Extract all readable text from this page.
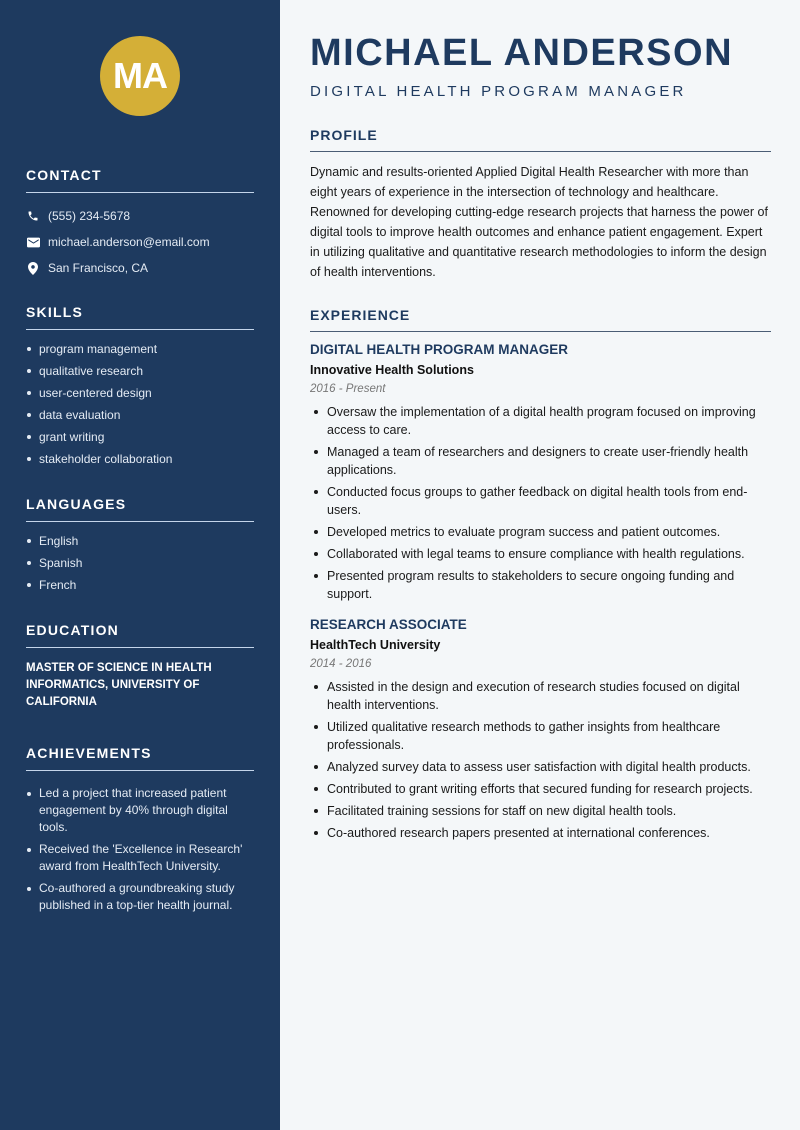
MA
CONTACT
(555) 234-5678
michael.anderson@email.com
San Francisco, CA
SKILLS
program management
qualitative research
user-centered design
data evaluation
grant writing
stakeholder collaboration
LANGUAGES
English
Spanish
French
EDUCATION

MASTER OF SCIENCE IN HEALTH INFORMATICS, UNIVERSITY OF CALIFORNIA

ACHIEVEMENTS
Led a project that increased patient engagement by 40% through digital tools.
Received the 'Excellence in Research' award from HealthTech University.
Co-authored a groundbreaking study published in a top-tier health journal.
MICHAEL ANDERSON
DIGITAL HEALTH PROGRAM MANAGER
PROFILE

Dynamic and results-oriented Applied Digital Health Researcher with more than eight years of experience in the intersection of technology and healthcare. Renowned for developing cutting-edge research projects that harness the power of digital tools to improve health outcomes and enhance patient engagement. Expert in utilizing qualitative and quantitative research methodologies to inform the design of health interventions.

EXPERIENCE
DIGITAL HEALTH PROGRAM MANAGER
Innovative Health Solutions
2016 - Present
Oversaw the implementation of a digital health program focused on improving access to care.
Managed a team of researchers and designers to create user-friendly health applications.
Conducted focus groups to gather feedback on digital health tools from end-users.
Developed metrics to evaluate program success and patient outcomes.
Collaborated with legal teams to ensure compliance with health regulations.
Presented program results to stakeholders to secure ongoing funding and support.
RESEARCH ASSOCIATE
HealthTech University
2014 - 2016
Assisted in the design and execution of research studies focused on digital health interventions.
Utilized qualitative research methods to gather insights from healthcare professionals.
Analyzed survey data to assess user satisfaction with digital health products.
Contributed to grant writing efforts that secured funding for research projects.
Facilitated training sessions for staff on new digital health tools.
Co-authored research papers presented at international conferences.
